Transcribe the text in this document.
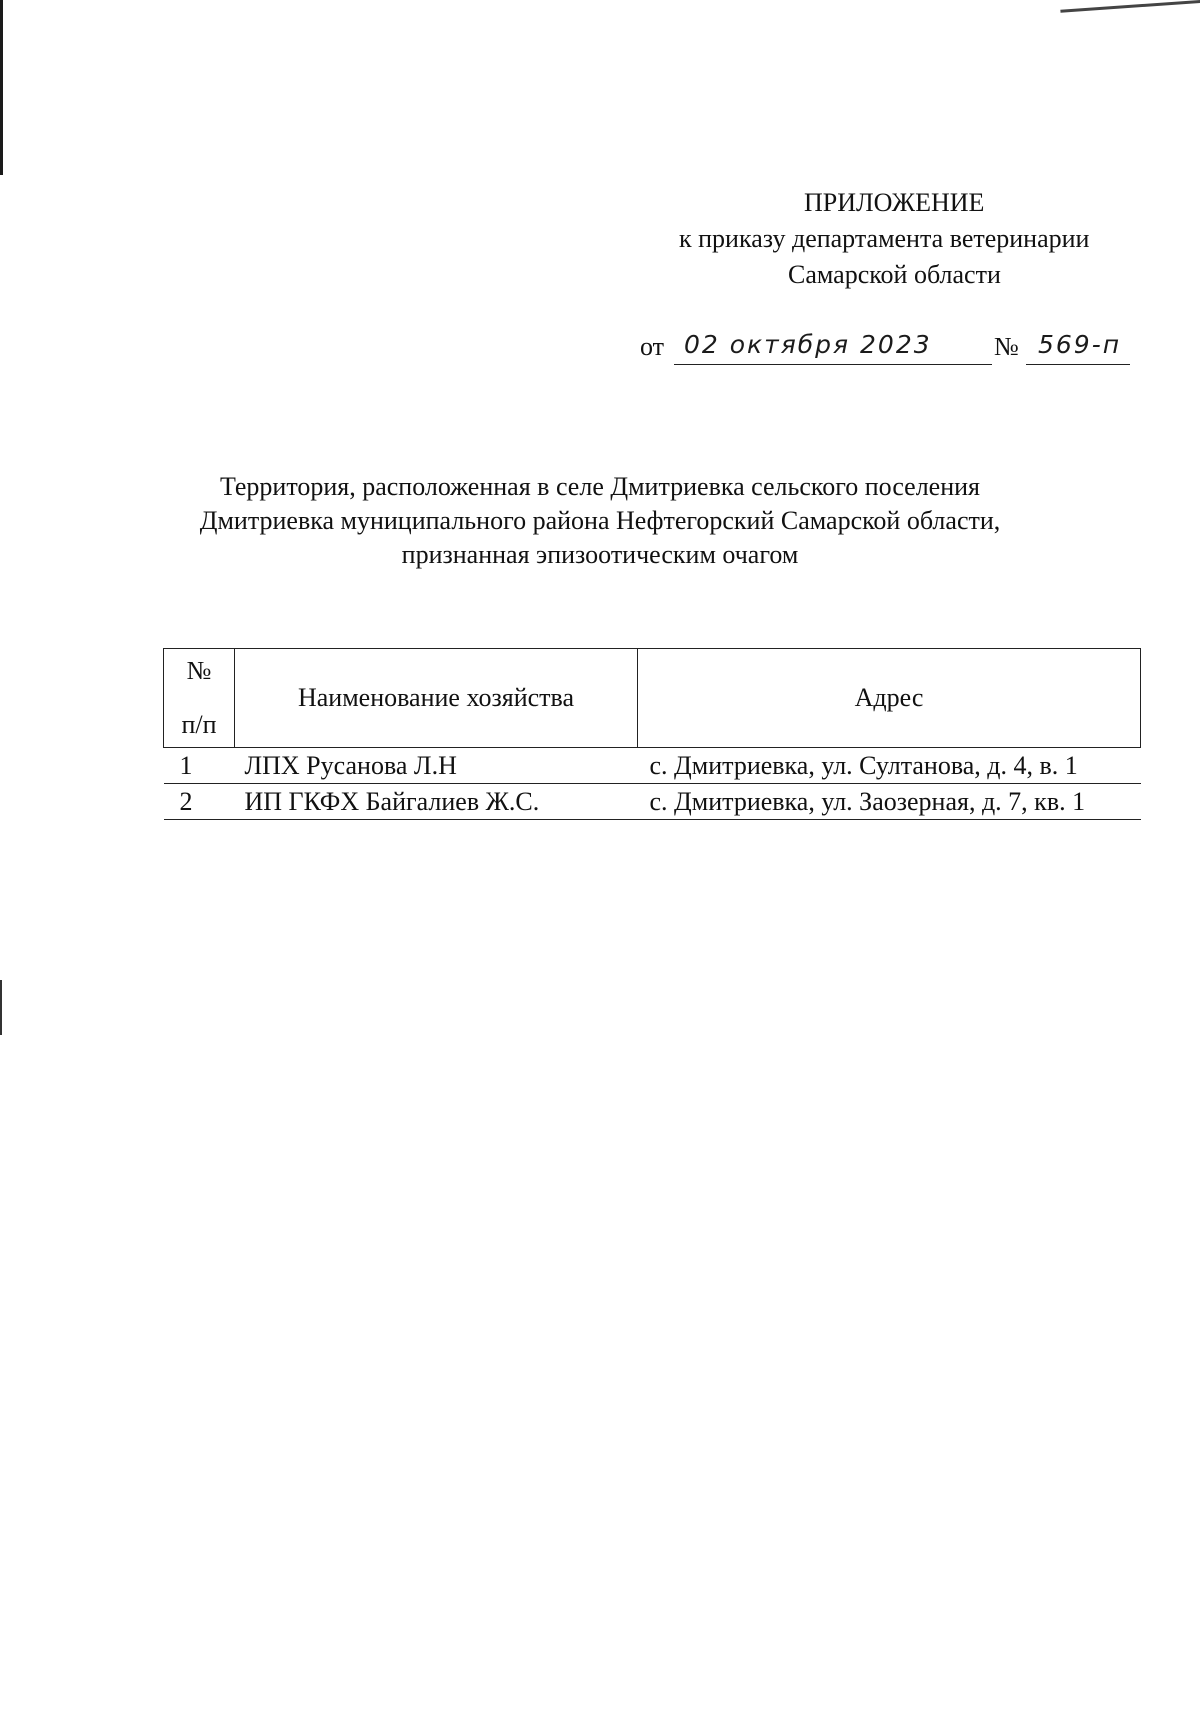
ПРИЛОЖЕНИЕ
к приказу департамента ветеринарии
Самарской области
от 02 октября 2023 № 569-п
Территория, расположенная в селе Дмитриевка сельского поселения
Дмитриевка муниципального района Нефтегорский Самарской области,
признанная эпизоотическим очагом
№
п/п	Наименование хозяйства	Адрес
1	ЛПХ Русанова Л.Н	с. Дмитриевка, ул. Султанова, д. 4, в. 1
2	ИП ГКФХ Байгалиев Ж.С.	с. Дмитриевка, ул. Заозерная, д. 7, кв. 1
